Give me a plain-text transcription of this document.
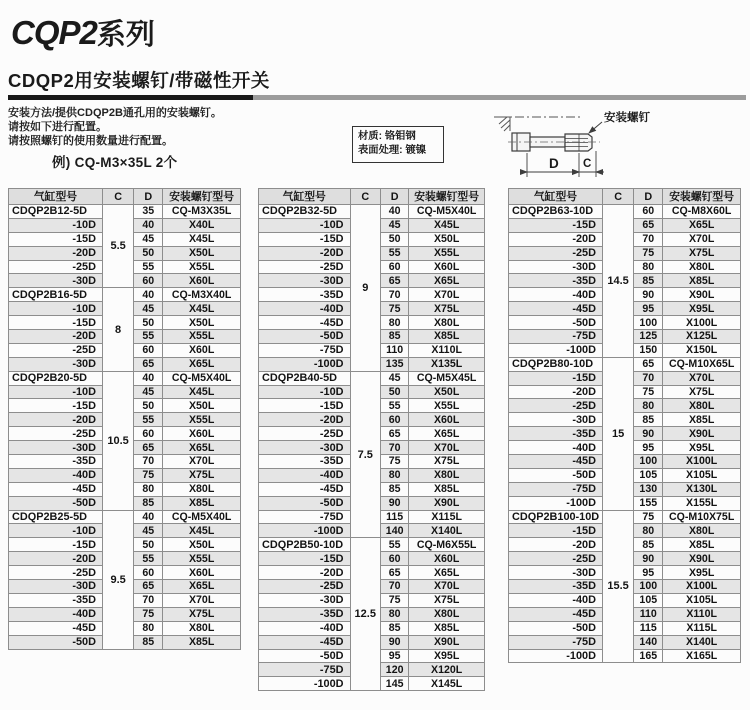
CQP2系列
CDQP2用安装螺钉/带磁性开关
安装方法/提供CDQP2B通孔用的安装螺钉。
请按如下进行配置。
请按照螺钉的使用数量进行配置。
例) CQ-M3×35L 2个
材质: 铬钼钢
表面处理: 镀镍
安装螺钉
D C
气缸型号	C	D	安装螺钉型号
CDQP2B12-5D	5.5	35	CQ-M3X35L
-10D		40	X40L
-15D		45	X45L
-20D		50	X50L
-25D		55	X55L
-30D		60	X60L
CDQP2B16-5D	8	40	CQ-M3X40L
-10D		45	X45L
-15D		50	X50L
-20D		55	X55L
-25D		60	X60L
-30D		65	X65L
CDQP2B20-5D	10.5	40	CQ-M5X40L
-10D		45	X45L
-15D		50	X50L
-20D		55	X55L
-25D		60	X60L
-30D		65	X65L
-35D		70	X70L
-40D		75	X75L
-45D		80	X80L
-50D		85	X85L
CDQP2B25-5D	9.5	40	CQ-M5X40L
-10D		45	X45L
-15D		50	X50L
-20D		55	X55L
-25D		60	X60L
-30D		65	X65L
-35D		70	X70L
-40D		75	X75L
-45D		80	X80L
-50D		85	X85L
气缸型号	C	D	安装螺钉型号
CDQP2B32-5D	9	40	CQ-M5X40L
-10D		45	X45L
-15D		50	X50L
-20D		55	X55L
-25D		60	X60L
-30D		65	X65L
-35D		70	X70L
-40D		75	X75L
-45D		80	X80L
-50D		85	X85L
-75D		110	X110L
-100D		135	X135L
CDQP2B40-5D	7.5	45	CQ-M5X45L
-10D		50	X50L
-15D		55	X55L
-20D		60	X60L
-25D		65	X65L
-30D		70	X70L
-35D		75	X75L
-40D		80	X80L
-45D		85	X85L
-50D		90	X90L
-75D		115	X115L
-100D		140	X140L
CDQP2B50-10D	12.5	55	CQ-M6X55L
-15D		60	X60L
-20D		65	X65L
-25D		70	X70L
-30D		75	X75L
-35D		80	X80L
-40D		85	X85L
-45D		90	X90L
-50D		95	X95L
-75D		120	X120L
-100D		145	X145L
气缸型号	C	D	安装螺钉型号
CDQP2B63-10D	14.5	60	CQ-M8X60L
-15D		65	X65L
-20D		70	X70L
-25D		75	X75L
-30D		80	X80L
-35D		85	X85L
-40D		90	X90L
-45D		95	X95L
-50D		100	X100L
-75D		125	X125L
-100D		150	X150L
CDQP2B80-10D	15	65	CQ-M10X65L
-15D		70	X70L
-20D		75	X75L
-25D		80	X80L
-30D		85	X85L
-35D		90	X90L
-40D		95	X95L
-45D		100	X100L
-50D		105	X105L
-75D		130	X130L
-100D		155	X155L
CDQP2B100-10D	15.5	75	CQ-M10X75L
-15D		80	X80L
-20D		85	X85L
-25D		90	X90L
-30D		95	X95L
-35D		100	X100L
-40D		105	X105L
-45D		110	X110L
-50D		115	X115L
-75D		140	X140L
-100D		165	X165L
